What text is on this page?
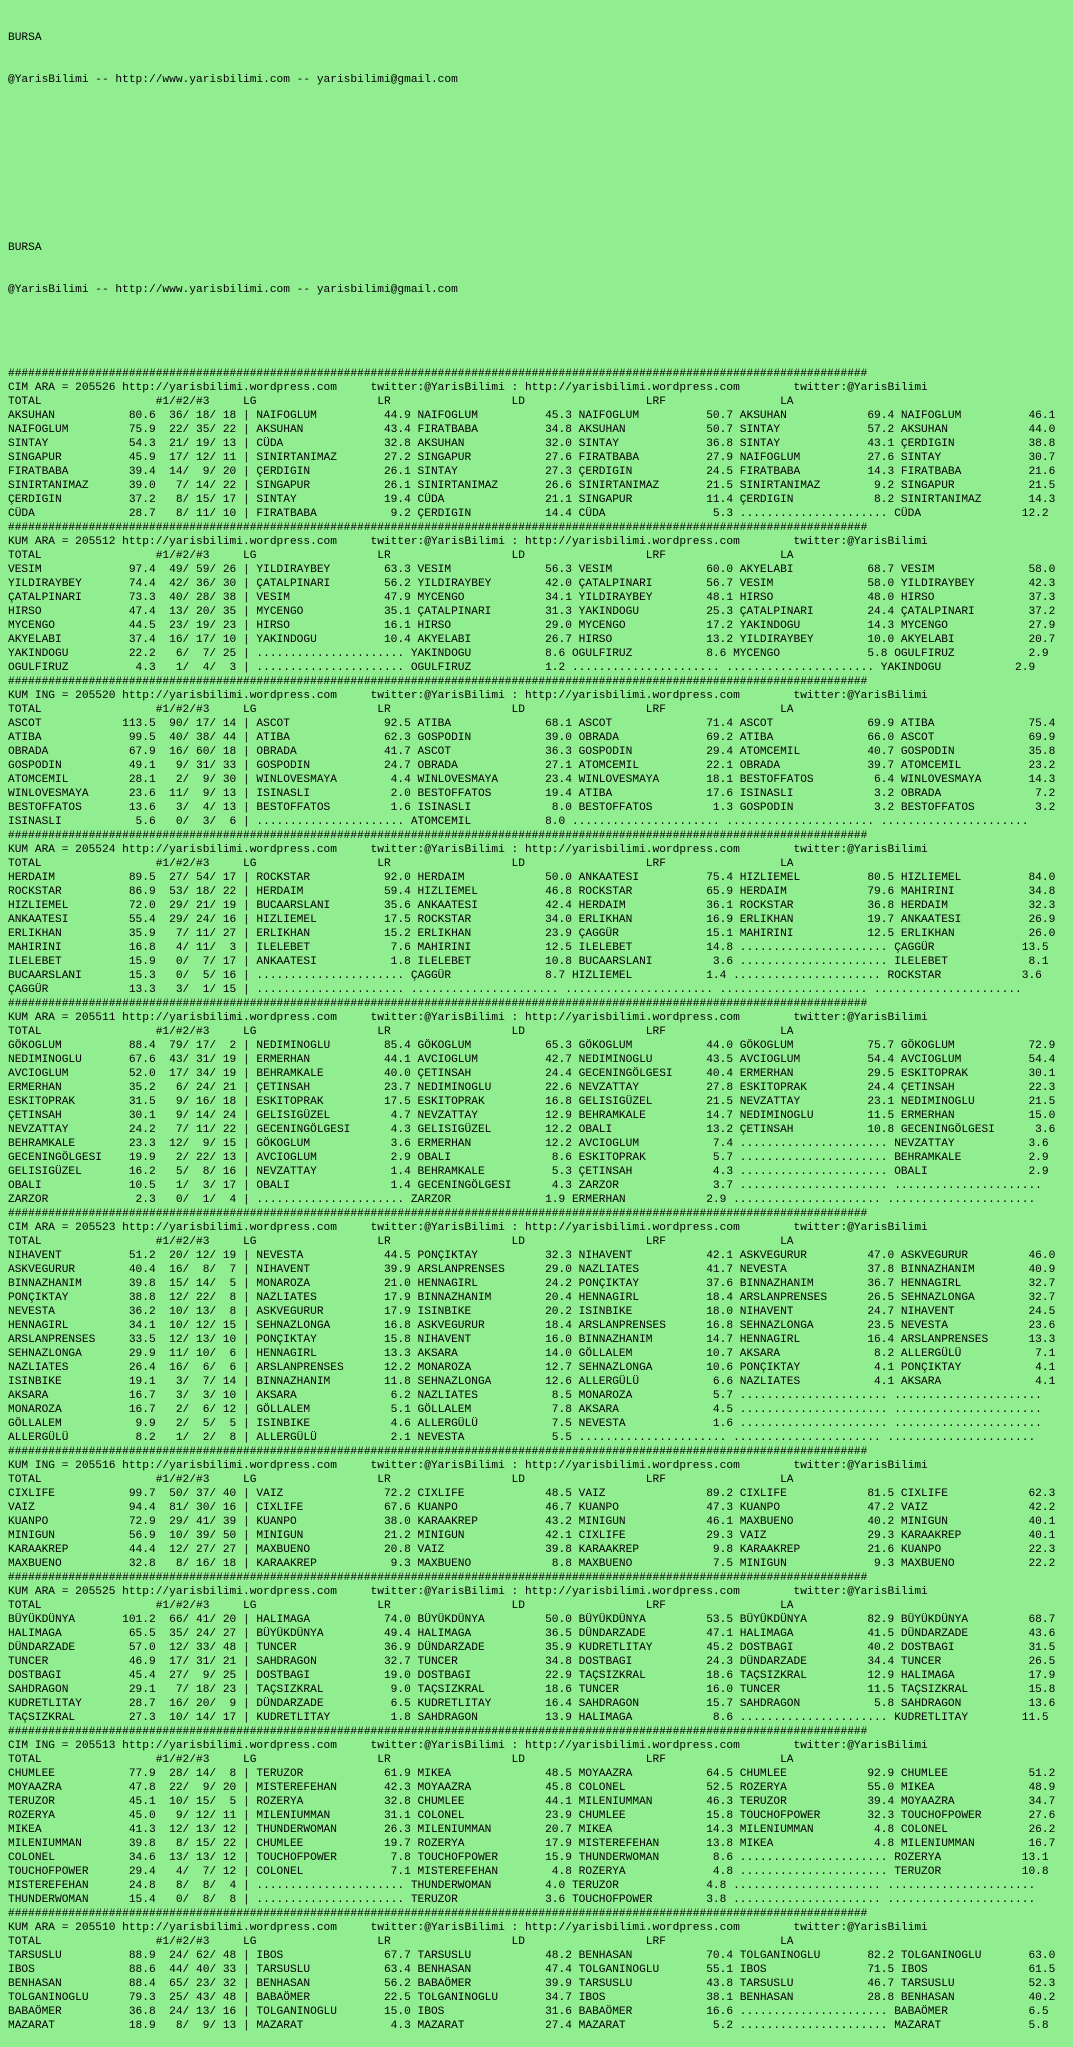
BURSA

@YarisBilimi -- http://www.yarisbilimi.com -- yarisbilimi@gmail.com

BURSA

@YarisBilimi -- http://www.yarisbilimi.com -- yarisbilimi@gmail.com

################################################################################################################################
CIM ARA = 205526 http://yarisbilimi.wordpress.com     twitter:@YarisBilimi : http://yarisbilimi.wordpress.com        twitter:@YarisBilimi
TOTAL                 #1/#2/#3     LG                  LR                  LD                  LRF                 LA
AKSUHAN           80.6  36/ 18/ 18 | NAIFOGLUM          44.9 NAIFOGLUM          45.3 NAIFOGLUM          50.7 AKSUHAN            69.4 NAIFOGLUM          46.1
NAIFOGLUM         75.9  22/ 35/ 22 | AKSUHAN            43.4 FIRATBABA          34.8 AKSUHAN            50.7 SINTAY             57.2 AKSUHAN            44.0
SINTAY            54.3  21/ 19/ 13 | CÜDA               32.8 AKSUHAN            32.0 SINTAY             36.8 SINTAY             43.1 ÇERDIGIN           38.8
SINGAPUR          45.9  17/ 12/ 11 | SINIRTANIMAZ       27.2 SINGAPUR           27.6 FIRATBABA          27.9 NAIFOGLUM          27.6 SINTAY             30.7
FIRATBABA         39.4  14/  9/ 20 | ÇERDIGIN           26.1 SINTAY             27.3 ÇERDIGIN           24.5 FIRATBABA          14.3 FIRATBABA          21.6
SINIRTANIMAZ      39.0   7/ 14/ 22 | SINGAPUR           26.1 SINIRTANIMAZ       26.6 SINIRTANIMAZ       21.5 SINIRTANIMAZ        9.2 SINGAPUR           21.5
ÇERDIGIN          37.2   8/ 15/ 17 | SINTAY             19.4 CÜDA               21.1 SINGAPUR           11.4 ÇERDIGIN            8.2 SINIRTANIMAZ       14.3
CÜDA              28.7   8/ 11/ 10 | FIRATBABA           9.2 ÇERDIGIN           14.4 CÜDA                5.3 ...................... CÜDA               12.2
################################################################################################################################
KUM ARA = 205512 http://yarisbilimi.wordpress.com     twitter:@YarisBilimi : http://yarisbilimi.wordpress.com        twitter:@YarisBilimi
TOTAL                 #1/#2/#3     LG                  LR                  LD                  LRF                 LA
VESIM             97.4  49/ 59/ 26 | YILDIRAYBEY        63.3 VESIM              56.3 VESIM              60.0 AKYELABI           68.7 VESIM              58.0
YILDIRAYBEY       74.4  42/ 36/ 30 | ÇATALPINARI        56.2 YILDIRAYBEY        42.0 ÇATALPINARI        56.7 VESIM              58.0 YILDIRAYBEY        42.3
ÇATALPINARI       73.3  40/ 28/ 38 | VESIM              47.9 MYCENGO            34.1 YILDIRAYBEY        48.1 HIRSO              48.0 HIRSO              37.3
HIRSO             47.4  13/ 20/ 35 | MYCENGO            35.1 ÇATALPINARI        31.3 YAKINDOGU          25.3 ÇATALPINARI        24.4 ÇATALPINARI        37.2
MYCENGO           44.5  23/ 19/ 23 | HIRSO              16.1 HIRSO              29.0 MYCENGO            17.2 YAKINDOGU          14.3 MYCENGO            27.9
AKYELABI          37.4  16/ 17/ 10 | YAKINDOGU          10.4 AKYELABI           26.7 HIRSO              13.2 YILDIRAYBEY        10.0 AKYELABI           20.7
YAKINDOGU         22.2   6/  7/ 25 | ...................... YAKINDOGU           8.6 OGULFIRUZ           8.6 MYCENGO             5.8 OGULFIRUZ           2.9
OGULFIRUZ          4.3   1/  4/  3 | ...................... OGULFIRUZ           1.2 ...................... ...................... YAKINDOGU           2.9
################################################################################################################################
KUM ING = 205520 http://yarisbilimi.wordpress.com     twitter:@YarisBilimi : http://yarisbilimi.wordpress.com        twitter:@YarisBilimi
TOTAL                 #1/#2/#3     LG                  LR                  LD                  LRF                 LA
ASCOT            113.5  90/ 17/ 14 | ASCOT              92.5 ATIBA              68.1 ASCOT              71.4 ASCOT              69.9 ATIBA              75.4
ATIBA             99.5  40/ 38/ 44 | ATIBA              62.3 GOSPODIN           39.0 OBRADA             69.2 ATIBA              66.0 ASCOT              69.9
OBRADA            67.9  16/ 60/ 18 | OBRADA             41.7 ASCOT              36.3 GOSPODIN           29.4 ATOMCEMIL          40.7 GOSPODIN           35.8
GOSPODIN          49.1   9/ 31/ 33 | GOSPODIN           24.7 OBRADA             27.1 ATOMCEMIL          22.1 OBRADA             39.7 ATOMCEMIL          23.2
ATOMCEMIL         28.1   2/  9/ 30 | WINLOVESMAYA        4.4 WINLOVESMAYA       23.4 WINLOVESMAYA       18.1 BESTOFFATOS         6.4 WINLOVESMAYA       14.3
WINLOVESMAYA      23.6  11/  9/ 13 | ISINASLI            2.0 BESTOFFATOS        19.4 ATIBA              17.6 ISINASLI            3.2 OBRADA              7.2
BESTOFFATOS       13.6   3/  4/ 13 | BESTOFFATOS         1.6 ISINASLI            8.0 BESTOFFATOS         1.3 GOSPODIN            3.2 BESTOFFATOS         3.2
ISINASLI           5.6   0/  3/  6 | ...................... ATOMCEMIL           8.0 ...................... ...................... ......................
################################################################################################################################
KUM ARA = 205524 http://yarisbilimi.wordpress.com     twitter:@YarisBilimi : http://yarisbilimi.wordpress.com        twitter:@YarisBilimi
TOTAL                 #1/#2/#3     LG                  LR                  LD                  LRF                 LA
HERDAIM           89.5  27/ 54/ 17 | ROCKSTAR           92.0 HERDAIM            50.0 ANKAATESI          75.4 HIZLIEMEL          80.5 HIZLIEMEL          84.0
ROCKSTAR          86.9  53/ 18/ 22 | HERDAIM            59.4 HIZLIEMEL          46.8 ROCKSTAR           65.9 HERDAIM            79.6 MAHIRINI           34.8
HIZLIEMEL         72.0  29/ 21/ 19 | BUCAARSLANI        35.6 ANKAATESI          42.4 HERDAIM            36.1 ROCKSTAR           36.8 HERDAIM            32.3
ANKAATESI         55.4  29/ 24/ 16 | HIZLIEMEL          17.5 ROCKSTAR           34.0 ERLIKHAN           16.9 ERLIKHAN           19.7 ANKAATESI          26.9
ERLIKHAN          35.9   7/ 11/ 27 | ERLIKHAN           15.2 ERLIKHAN           23.9 ÇAGGÜR             15.1 MAHIRINI           12.5 ERLIKHAN           26.0
MAHIRINI          16.8   4/ 11/  3 | ILELEBET            7.6 MAHIRINI           12.5 ILELEBET           14.8 ...................... ÇAGGÜR             13.5
ILELEBET          15.9   0/  7/ 17 | ANKAATESI           1.8 ILELEBET           10.8 BUCAARSLANI         3.6 ...................... ILELEBET            8.1
BUCAARSLANI       15.3   0/  5/ 16 | ...................... ÇAGGÜR              8.7 HIZLIEMEL           1.4 ...................... ROCKSTAR            3.6
ÇAGGÜR            13.3   3/  1/ 15 | ...................... ...................... ...................... ...................... ......................
################################################################################################################################
KUM ARA = 205511 http://yarisbilimi.wordpress.com     twitter:@YarisBilimi : http://yarisbilimi.wordpress.com        twitter:@YarisBilimi
TOTAL                 #1/#2/#3     LG                  LR                  LD                  LRF                 LA
GÖKOGLUM          88.4  79/ 17/  2 | NEDIMINOGLU        85.4 GÖKOGLUM           65.3 GÖKOGLUM           44.0 GÖKOGLUM           75.7 GÖKOGLUM           72.9
NEDIMINOGLU       67.6  43/ 31/ 19 | ERMERHAN           44.1 AVCIOGLUM          42.7 NEDIMINOGLU        43.5 AVCIOGLUM          54.4 AVCIOGLUM          54.4
AVCIOGLUM         52.0  17/ 34/ 19 | BEHRAMKALE         40.0 ÇETINSAH           24.4 GECENINGÖLGESI     40.4 ERMERHAN           29.5 ESKITOPRAK         30.1
ERMERHAN          35.2   6/ 24/ 21 | ÇETINSAH           23.7 NEDIMINOGLU        22.6 NEVZATTAY          27.8 ESKITOPRAK         24.4 ÇETINSAH           22.3
ESKITOPRAK        31.5   9/ 16/ 18 | ESKITOPRAK         17.5 ESKITOPRAK         16.8 GELISIGÜZEL        21.5 NEVZATTAY          23.1 NEDIMINOGLU        21.5
ÇETINSAH          30.1   9/ 14/ 24 | GELISIGÜZEL         4.7 NEVZATTAY          12.9 BEHRAMKALE         14.7 NEDIMINOGLU        11.5 ERMERHAN           15.0
NEVZATTAY         24.2   7/ 11/ 22 | GECENINGÖLGESI      4.3 GELISIGÜZEL        12.2 OBALI              13.2 ÇETINSAH           10.8 GECENINGÖLGESI      3.6
BEHRAMKALE        23.3  12/  9/ 15 | GÖKOGLUM            3.6 ERMERHAN           12.2 AVCIOGLUM           7.4 ...................... NEVZATTAY           3.6
GECENINGÖLGESI    19.9   2/ 22/ 13 | AVCIOGLUM           2.9 OBALI               8.6 ESKITOPRAK          5.7 ...................... BEHRAMKALE          2.9
GELISIGÜZEL       16.2   5/  8/ 16 | NEVZATTAY           1.4 BEHRAMKALE          5.3 ÇETINSAH            4.3 ...................... OBALI               2.9
OBALI             10.5   1/  3/ 17 | OBALI               1.4 GECENINGÖLGESI      4.3 ZARZOR              3.7 ...................... ......................
ZARZOR             2.3   0/  1/  4 | ...................... ZARZOR              1.9 ERMERHAN            2.9 ...................... ......................
################################################################################################################################
CIM ARA = 205523 http://yarisbilimi.wordpress.com     twitter:@YarisBilimi : http://yarisbilimi.wordpress.com        twitter:@YarisBilimi
TOTAL                 #1/#2/#3     LG                  LR                  LD                  LRF                 LA
NIHAVENT          51.2  20/ 12/ 19 | NEVESTA            44.5 PONÇIKTAY          32.3 NIHAVENT           42.1 ASKVEGURUR         47.0 ASKVEGURUR         46.0
ASKVEGURUR        40.4  16/  8/  7 | NIHAVENT           39.9 ARSLANPRENSES      29.0 NAZLIATES          41.7 NEVESTA            37.8 BINNAZHANIM        40.9
BINNAZHANIM       39.8  15/ 14/  5 | MONAROZA           21.0 HENNAGIRL          24.2 PONÇIKTAY          37.6 BINNAZHANIM        36.7 HENNAGIRL          32.7
PONÇIKTAY         38.8  12/ 22/  8 | NAZLIATES          17.9 BINNAZHANIM        20.4 HENNAGIRL          18.4 ARSLANPRENSES      26.5 SEHNAZLONGA        32.7
NEVESTA           36.2  10/ 13/  8 | ASKVEGURUR         17.9 ISINBIKE           20.2 ISINBIKE           18.0 NIHAVENT           24.7 NIHAVENT           24.5
HENNAGIRL         34.1  10/ 12/ 15 | SEHNAZLONGA        16.8 ASKVEGURUR         18.4 ARSLANPRENSES      16.8 SEHNAZLONGA        23.5 NEVESTA            23.6
ARSLANPRENSES     33.5  12/ 13/ 10 | PONÇIKTAY          15.8 NIHAVENT           16.0 BINNAZHANIM        14.7 HENNAGIRL          16.4 ARSLANPRENSES      13.3
SEHNAZLONGA       29.9  11/ 10/  6 | HENNAGIRL          13.3 AKSARA             14.0 GÖLLALEM           10.7 AKSARA              8.2 ALLERGÜLÜ           7.1
NAZLIATES         26.4  16/  6/  6 | ARSLANPRENSES      12.2 MONAROZA           12.7 SEHNAZLONGA        10.6 PONÇIKTAY           4.1 PONÇIKTAY           4.1
ISINBIKE          19.1   3/  7/ 14 | BINNAZHANIM        11.8 SEHNAZLONGA        12.6 ALLERGÜLÜ           6.6 NAZLIATES           4.1 AKSARA              4.1
AKSARA            16.7   3/  3/ 10 | AKSARA              6.2 NAZLIATES           8.5 MONAROZA            5.7 ...................... ......................
MONAROZA          16.7   2/  6/ 12 | GÖLLALEM            5.1 GÖLLALEM            7.8 AKSARA              4.5 ...................... ......................
GÖLLALEM           9.9   2/  5/  5 | ISINBIKE            4.6 ALLERGÜLÜ           7.5 NEVESTA             1.6 ...................... ......................
ALLERGÜLÜ          8.2   1/  2/  8 | ALLERGÜLÜ           2.1 NEVESTA             5.5 ...................... ...................... ......................
################################################################################################################################
KUM ING = 205516 http://yarisbilimi.wordpress.com     twitter:@YarisBilimi : http://yarisbilimi.wordpress.com        twitter:@YarisBilimi
TOTAL                 #1/#2/#3     LG                  LR                  LD                  LRF                 LA
CIXLIFE           99.7  50/ 37/ 40 | VAIZ               72.2 CIXLIFE            48.5 VAIZ               89.2 CIXLIFE            81.5 CIXLIFE            62.3
VAIZ              94.4  81/ 30/ 16 | CIXLIFE            67.6 KUANPO             46.7 KUANPO             47.3 KUANPO             47.2 VAIZ               42.2
KUANPO            72.9  29/ 41/ 39 | KUANPO             38.0 KARAAKREP          43.2 MINIGUN            46.1 MAXBUENO           40.2 MINIGUN            40.1
MINIGUN           56.9  10/ 39/ 50 | MINIGUN            21.2 MINIGUN            42.1 CIXLIFE            29.3 VAIZ               29.3 KARAAKREP          40.1
KARAAKREP         44.4  12/ 27/ 27 | MAXBUENO           20.8 VAIZ               39.8 KARAAKREP           9.8 KARAAKREP          21.6 KUANPO             22.3
MAXBUENO          32.8   8/ 16/ 18 | KARAAKREP           9.3 MAXBUENO            8.8 MAXBUENO            7.5 MINIGUN             9.3 MAXBUENO           22.2
################################################################################################################################
KUM ARA = 205525 http://yarisbilimi.wordpress.com     twitter:@YarisBilimi : http://yarisbilimi.wordpress.com        twitter:@YarisBilimi
TOTAL                 #1/#2/#3     LG                  LR                  LD                  LRF                 LA
BÜYÜKDÜNYA       101.2  66/ 41/ 20 | HALIMAGA           74.0 BÜYÜKDÜNYA         50.0 BÜYÜKDÜNYA         53.5 BÜYÜKDÜNYA         82.9 BÜYÜKDÜNYA         68.7
HALIMAGA          65.5  35/ 24/ 27 | BÜYÜKDÜNYA         49.4 HALIMAGA           36.5 DÜNDARZADE         47.1 HALIMAGA           41.5 DÜNDARZADE         43.6
DÜNDARZADE        57.0  12/ 33/ 48 | TUNCER             36.9 DÜNDARZADE         35.9 KUDRETLITAY        45.2 DOSTBAGI           40.2 DOSTBAGI           31.5
TUNCER            46.9  17/ 31/ 21 | SAHDRAGON          32.7 TUNCER             34.8 DOSTBAGI           24.3 DÜNDARZADE         34.4 TUNCER             26.5
DOSTBAGI          45.4  27/  9/ 25 | DOSTBAGI           19.0 DOSTBAGI           22.9 TAÇSIZKRAL         18.6 TAÇSIZKRAL         12.9 HALIMAGA           17.9
SAHDRAGON         29.1   7/ 18/ 23 | TAÇSIZKRAL          9.0 TAÇSIZKRAL         18.6 TUNCER             16.0 TUNCER             11.5 TAÇSIZKRAL         15.8
KUDRETLITAY       28.7  16/ 20/  9 | DÜNDARZADE          6.5 KUDRETLITAY        16.4 SAHDRAGON          15.7 SAHDRAGON           5.8 SAHDRAGON          13.6
TAÇSIZKRAL        27.3  10/ 14/ 17 | KUDRETLITAY         1.8 SAHDRAGON          13.9 HALIMAGA            8.6 ...................... KUDRETLITAY        11.5
################################################################################################################################
CIM ING = 205513 http://yarisbilimi.wordpress.com     twitter:@YarisBilimi : http://yarisbilimi.wordpress.com        twitter:@YarisBilimi
TOTAL                 #1/#2/#3     LG                  LR                  LD                  LRF                 LA
CHUMLEE           77.9  28/ 14/  8 | TERUZOR            61.9 MIKEA              48.5 MOYAAZRA           64.5 CHUMLEE            92.9 CHUMLEE            51.2
MOYAAZRA          47.8  22/  9/ 20 | MISTEREFEHAN       42.3 MOYAAZRA           45.8 COLONEL            52.5 ROZERYA            55.0 MIKEA              48.9
TERUZOR           45.1  10/ 15/  5 | ROZERYA            32.8 CHUMLEE            44.1 MILENIUMMAN        46.3 TERUZOR            39.4 MOYAAZRA           34.7
ROZERYA           45.0   9/ 12/ 11 | MILENIUMMAN        31.1 COLONEL            23.9 CHUMLEE            15.8 TOUCHOFPOWER       32.3 TOUCHOFPOWER       27.6
MIKEA             41.3  12/ 13/ 12 | THUNDERWOMAN       26.3 MILENIUMMAN        20.7 MIKEA              14.3 MILENIUMMAN         4.8 COLONEL            26.2
MILENIUMMAN       39.8   8/ 15/ 22 | CHUMLEE            19.7 ROZERYA            17.9 MISTEREFEHAN       13.8 MIKEA               4.8 MILENIUMMAN        16.7
COLONEL           34.6  13/ 13/ 12 | TOUCHOFPOWER        7.8 TOUCHOFPOWER       15.9 THUNDERWOMAN        8.6 ...................... ROZERYA            13.1
TOUCHOFPOWER      29.4   4/  7/ 12 | COLONEL             7.1 MISTEREFEHAN        4.8 ROZERYA             4.8 ...................... TERUZOR            10.8
MISTEREFEHAN      24.8   8/  8/  4 | ...................... THUNDERWOMAN        4.0 TERUZOR             4.8 ...................... ......................
THUNDERWOMAN      15.4   0/  8/  8 | ...................... TERUZOR             3.6 TOUCHOFPOWER        3.8 ...................... ......................
################################################################################################################################
KUM ARA = 205510 http://yarisbilimi.wordpress.com     twitter:@YarisBilimi : http://yarisbilimi.wordpress.com        twitter:@YarisBilimi
TOTAL                 #1/#2/#3     LG                  LR                  LD                  LRF                 LA
TARSUSLU          88.9  24/ 62/ 48 | IBOS               67.7 TARSUSLU           48.2 BENHASAN           70.4 TOLGANINOGLU       82.2 TOLGANINOGLU       63.0
IBOS              88.6  44/ 40/ 33 | TARSUSLU           63.4 BENHASAN           47.4 TOLGANINOGLU       55.1 IBOS               71.5 IBOS               61.5
BENHASAN          88.4  65/ 23/ 32 | BENHASAN           56.2 BABAÖMER           39.9 TARSUSLU           43.8 TARSUSLU           46.7 TARSUSLU           52.3
TOLGANINOGLU      79.3  25/ 43/ 48 | BABAÖMER           22.5 TOLGANINOGLU       34.7 IBOS               38.1 BENHASAN           28.8 BENHASAN           40.2
BABAÖMER          36.8  24/ 13/ 16 | TOLGANINOGLU       15.0 IBOS               31.6 BABAÖMER           16.6 ...................... BABAÖMER            6.5
MAZARAT           18.9   8/  9/ 13 | MAZARAT             4.3 MAZARAT            27.4 MAZARAT             5.2 ...................... MAZARAT             5.8
